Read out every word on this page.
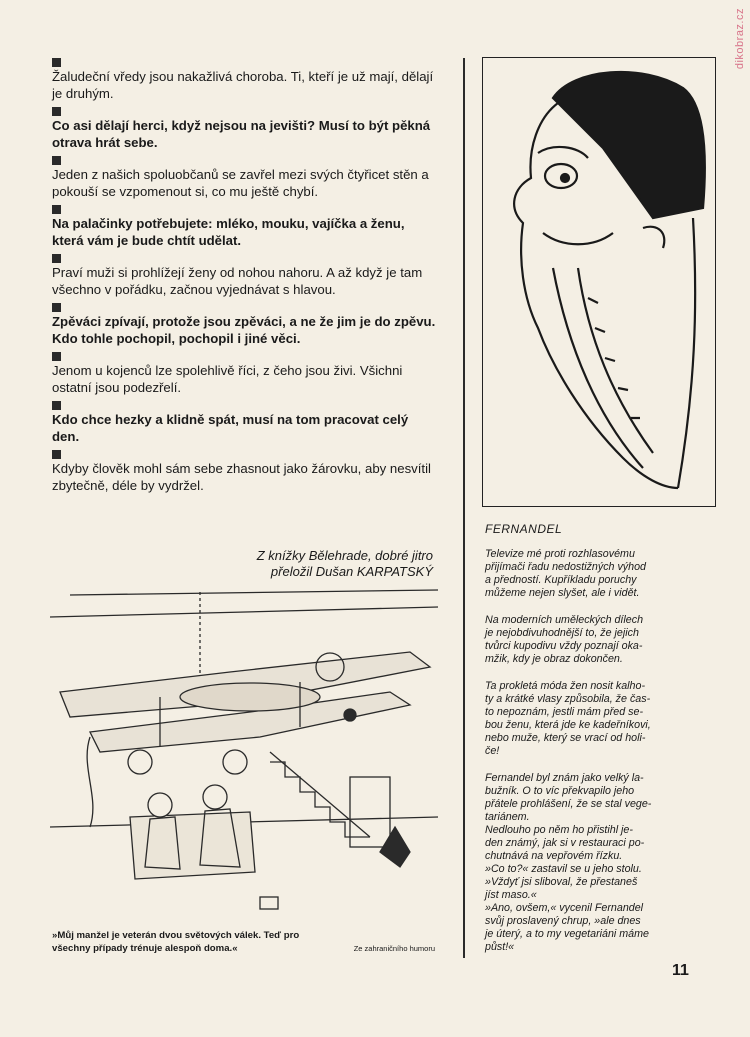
dikobraz.cz
Žaludeční vředy jsou nakažlivá choroba. Ti, kteří je už mají, dělají je druhým.
Co asi dělají herci, když nejsou na jevišti? Musí to být pěkná otrava hrát sebe.
Jeden z našich spoluobčanů se zavřel mezi svých čtyřicet stěn a pokouší se vzpomenout si, co mu ještě chybí.
Na palačinky potřebujete: mléko, mouku, vajíčka a ženu, která vám je bude chtít udělat.
Praví muži si prohlížejí ženy od nohou nahoru. A až když je tam všechno v pořádku, začnou vyjednávat s hlavou.
Zpěváci zpívají, protože jsou zpěváci, a ne že jim je do zpěvu. Kdo tohle pochopil, pochopil i jiné věci.
Jenom u kojenců lze spolehlivě říci, z čeho jsou živi. Všichni ostatní jsou podezřelí.
Kdo chce hezky a klidně spát, musí na tom pracovat celý den.
Kdyby člověk mohl sám sebe zhasnout jako žárovku, aby nesvítil zbytečně, déle by vydržel.
Z knížky Bělehrade, dobré jitro
přeložil Dušan KARPATSKÝ
»Můj manžel je veterán dvou světových válek. Teď pro všechny případy trénuje alespoň doma.«	Ze zahraničního humoru
FERNANDEL

Televize mé proti rozhlasovému
přijímači řadu nedostižných výhod
a předností. Kupříkladu poruchy
můžeme nejen slyšet, ale i vidět.

Na moderních uměleckých dílech
je nejobdivuhodnější to, že jejich
tvůrci kupodivu vždy poznají oka-
mžik, kdy je obraz dokončen.

Ta prokletá móda žen nosit kalho-
ty a krátké vlasy způsobila, že čas-
to nepoznám, jestli mám před se-
bou ženu, která jde ke kadeřníkovi,
nebo muže, který se vrací od holi-
če!

Fernandel byl znám jako velký la-
bužník. O to víc překvapilo jeho
přátele prohlášení, že se stal vege-
tariánem.
Nedlouho po něm ho přistihl je-
den známý, jak si v restauraci po-
chutnává na vepřovém řízku.
»Co to?« zastavil se u jeho stolu.
»Vždyť jsi sliboval, že přestaneš
jíst maso.«
»Ano, ovšem,« vycenil Fernandel
svůj proslavený chrup, »ale dnes
je úterý, a to my vegetariáni máme
půst!«

11
